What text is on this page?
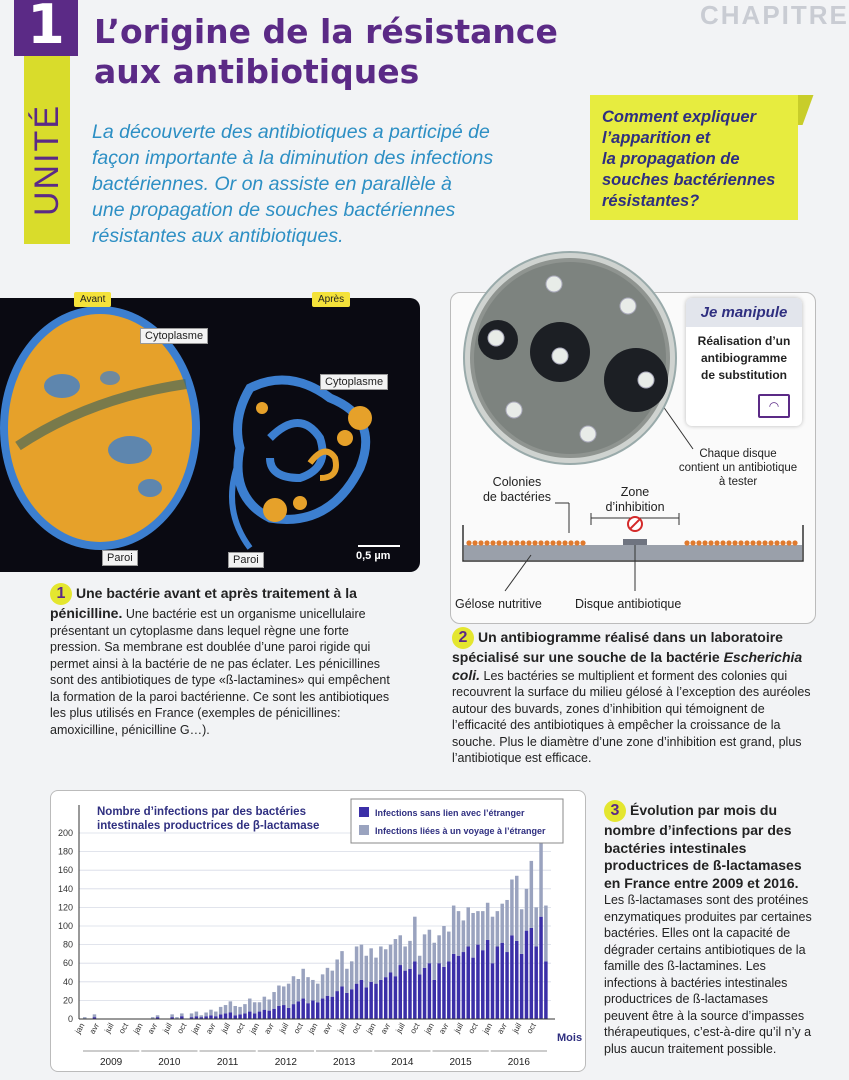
CHAPITRE
1
UNITÉ
L’origine de la résistance
aux antibiotiques
La découverte des antibiotiques a participé de
façon importante à la diminution des infections
bactériennes. Or on assiste en parallèle à
une propagation de souches bactériennes
résistantes aux antibiotiques.
Comment expliquer
l’apparition et
la propagation de
souches bactériennes
résistantes?
Avant	Après
Cytoplasme
Cytoplasme
Paroi	Paroi	0,5 µm
1 Une bactérie avant et après traitement à la pénicilline. Une bactérie est un organisme unicellulaire présentant un cytoplasme dans lequel règne une forte pression. Sa membrane est doublée d’une paroi rigide qui permet ainsi à la bactérie de ne pas éclater. Les pénicillines sont des antibiotiques de type «ß-lactamines» qui empêchent la formation de la paroi bactérienne. Ce sont les antibiotiques les plus utilisés en France (exemples de pénicillines: amoxicilline, pénicilline G…).
Chaque disque
contient un antibiotique
à tester
Colonies
de bactéries	Zone
d’inhibition
Gélose nutritive	Disque antibiotique
Je manipule
Réalisation d’un
antibiogramme
de substitution
◠
2 Un antibiogramme réalisé dans un laboratoire spécialisé sur une souche de la bactérie Escherichia coli. Les bactéries se multiplient et forment des colonies qui recouvrent la surface du milieu gélosé à l’exception des auréoles autour des buvards, zones d’inhibition qui témoignent de l’efficacité des antibiotiques à empêcher la croissance de la souche. Plus le diamètre d’une zone d’inhibition est grand, plus l’antibiotique est efficace.
0
20
40
60
80
100
120
140
160
180
200
jan avr juil oct jan avr juil oct jan avr juil oct jan avr juil oct jan avr juil oct jan avr juil oct jan avr juil oct jan avr juil oct
2009	2010	2011	2012	2013	2014	2015	2016
Nombre d’infections par des bactéries
intestinales productrices de β-lactamase
Infections sans lien avec l’étranger
Infections liées à un voyage à l’étranger
Mois
3 Évolution par mois du nombre d’infections par des bactéries intestinales productrices de ß-lactamases en France entre 2009 et 2016.
Les ß-lactamases sont des protéines enzymatiques produites par certaines bactéries. Elles ont la capacité de dégrader certains antibiotiques de la famille des ß-lactamines. Les infections à bactéries intestinales productrices de ß-lactamases peuvent être à la source d’impasses thérapeutiques, c’est-à-dire qu’il n’y a plus aucun traitement possible.
